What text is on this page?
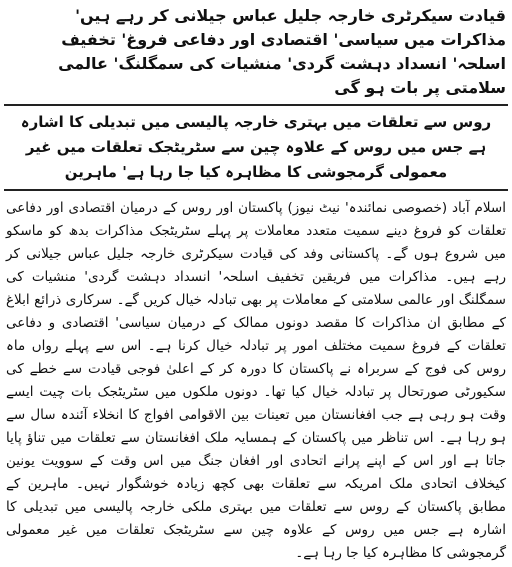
قیادت سیکرٹری خارجہ جلیل عباس جیلانی کر رہے ہیں' مذاکرات میں سیاسی' اقتصادی اور دفاعی فروغ' تخفیف اسلحہ' انسداد دہشت گردی' منشیات کی سمگلنگ' عالمی سلامتی پر بات ہو گی

روس سے تعلقات میں بہتری خارجہ پالیسی میں تبدیلی کا اشارہ ہے جس میں روس کے علاوہ چین سے سٹریٹجک تعلقات میں غیر معمولی گرمجوشی کا مظاہرہ کیا جا رہا ہے' ماہرین

اسلام آباد (خصوصی نمائندہ' نیٹ نیوز) پاکستان اور روس کے درمیان اقتصادی اور دفاعی تعلقات کو فروغ دینے سمیت متعدد معاملات پر پہلے سٹریٹجک مذاکرات بدھ کو ماسکو میں شروع ہوں گے۔ پاکستانی وفد کی قیادت سیکرٹری خارجہ جلیل عباس جیلانی کر رہے ہیں۔ مذاکرات میں فریقین تخفیف اسلحہ' انسداد دہشت گردی' منشیات کی سمگلنگ اور عالمی سلامتی کے معاملات پر بھی تبادلہ خیال کریں گے۔ سرکاری ذرائع ابلاغ کے مطابق ان مذاکرات کا مقصد دونوں ممالک کے درمیان سیاسی' اقتصادی و دفاعی تعلقات کے فروغ سمیت مختلف امور پر تبادلہ خیال کرنا ہے۔ اس سے پہلے رواں ماہ روس کی فوج کے سربراہ نے پاکستان کا دورہ کر کے اعلیٰ فوجی قیادت سے خطے کی سکیورٹی صورتحال پر تبادلہ خیال کیا تھا۔ دونوں ملکوں میں سٹریٹجک بات چیت ایسے وقت ہو رہی ہے جب افغانستان میں تعینات بین الاقوامی افواج کا انخلاء آئندہ سال سے ہو رہا ہے۔ اس تناظر میں پاکستان کے ہمسایہ ملک افغانستان سے تعلقات میں تناؤ پایا جاتا ہے اور اس کے اپنے پرانے اتحادی اور افغان جنگ میں اس وقت کے سوویت یونین کیخلاف اتحادی ملک امریکہ سے تعلقات بھی کچھ زیادہ خوشگوار نہیں۔ ماہرین کے مطابق پاکستان کے روس سے تعلقات میں بہتری ملکی خارجہ پالیسی میں تبدیلی کا اشارہ ہے جس میں روس کے علاوہ چین سے سٹریٹجک تعلقات میں غیر معمولی گرمجوشی کا مظاہرہ کیا جا رہا ہے۔
